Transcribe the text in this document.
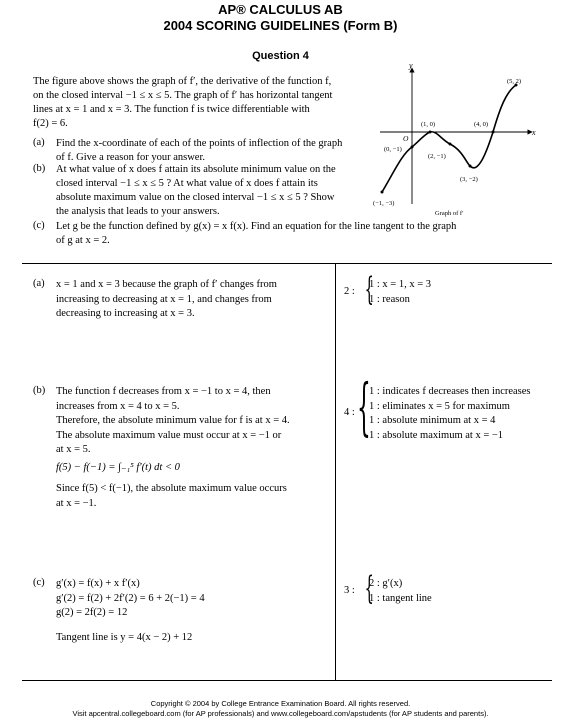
AP® CALCULUS AB
2004 SCORING GUIDELINES (Form B)
Question 4
The figure above shows the graph of f′, the derivative of the function f,
on the closed interval −1 ≤ x ≤ 5. The graph of f′ has horizontal tangent
lines at x = 1 and x = 3. The function f is twice differentiable with
f(2) = 6.
(a) Find the x-coordinate of each of the points of inflection of the graph
of f. Give a reason for your answer.
(b) At what value of x does f attain its absolute minimum value on the
closed interval −1 ≤ x ≤ 5 ? At what value of x does f attain its
absolute maximum value on the closed interval −1 ≤ x ≤ 5 ? Show
the analysis that leads to your answers.
(c) Let g be the function defined by g(x) = x f(x). Find an equation for the line tangent to the graph
of g at x = 2.
x
y
O
(−1, −3)
(0, −1)
(1, 0)
(2, −1)
(3, −2)
(4, 0)
(5, 2)
Graph of f′
(a) x = 1 and x = 3 because the graph of f′ changes from
increasing to decreasing at x = 1, and changes from
decreasing to increasing at x = 3.
2 : {
1 : x = 1, x = 3
1 : reason
(b) The function f decreases from x = −1 to x = 4, then
increases from x = 4 to x = 5.
Therefore, the absolute minimum value for f is at x = 4.
The absolute maximum value must occur at x = −1 or
at x = 5.
f(5) − f(−1) = ∫₋₁⁵ f′(t) dt < 0
Since f(5) < f(−1), the absolute maximum value occurs
at x = −1.
4 : {
1 : indicates f decreases then increases
1 : eliminates x = 5 for maximum
1 : absolute minimum at x = 4
1 : absolute maximum at x = −1
(c) g′(x) = f(x) + x f′(x)
g′(2) = f(2) + 2f′(2) = 6 + 2(−1) = 4
g(2) = 2f(2) = 12
Tangent line is y = 4(x − 2) + 12
3 : {
2 : g′(x)
1 : tangent line
Copyright © 2004 by College Entrance Examination Board. All rights reserved.
Visit apcentral.collegeboard.com (for AP professionals) and www.collegeboard.com/apstudents (for AP students and parents).
